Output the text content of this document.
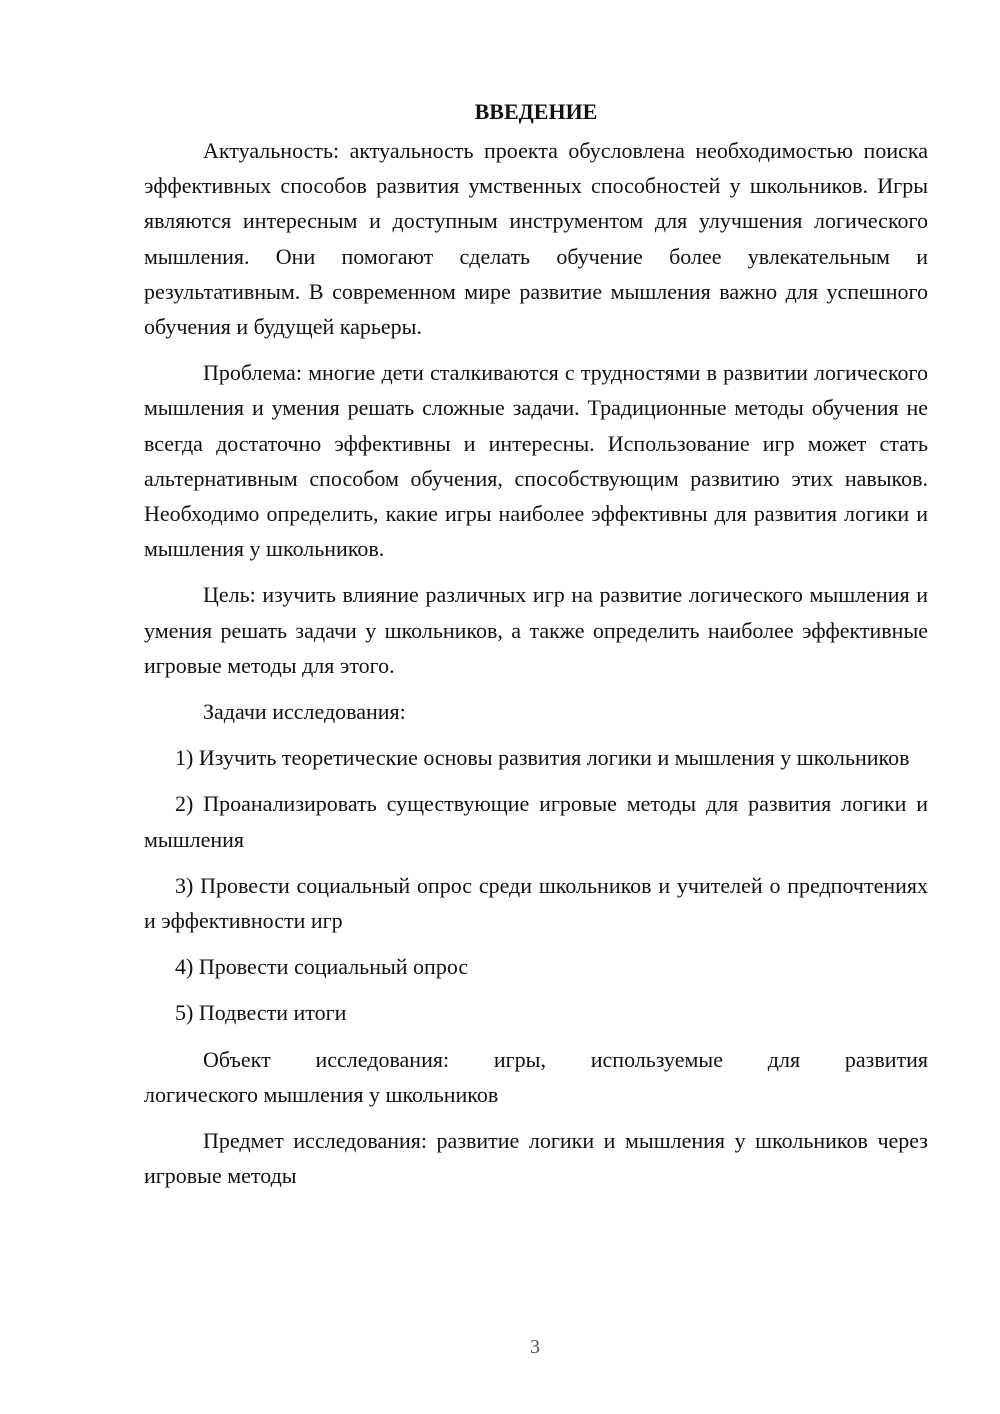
ВВЕДЕНИЕ

Актуальность: актуальность проекта обусловлена необходимостью поиска эффективных способов развития умственных способностей у школьников. Игры являются интересным и доступным инструментом для улучшения логического мышления. Они помогают сделать обучение более увлекательным и результативным. В современном мире развитие мышления важно для успешного обучения и будущей карьеры.

Проблема: многие дети сталкиваются с трудностями в развитии логического мышления и умения решать сложные задачи. Традиционные методы обучения не всегда достаточно эффективны и интересны. Использование игр может стать альтернативным способом обучения, способствующим развитию этих навыков. Необходимо определить, какие игры наиболее эффективны для развития логики и мышления у школьников.

Цель: изучить влияние различных игр на развитие логического мышления и умения решать задачи у школьников, а также определить наиболее эффективные игровые методы для этого.

Задачи исследования:

1) Изучить теоретические основы развития логики и мышления у школьников

2) Проанализировать существующие игровые методы для развития логики и мышления

3) Провести социальный опрос среди школьников и учителей о предпочтениях и эффективности игр

4) Провести социальный опрос

5) Подвести итоги

Объект исследования: игры, используемые для развития

логического мышления у школьников

Предмет исследования: развитие логики и мышления у школьников через игровые методы

3
